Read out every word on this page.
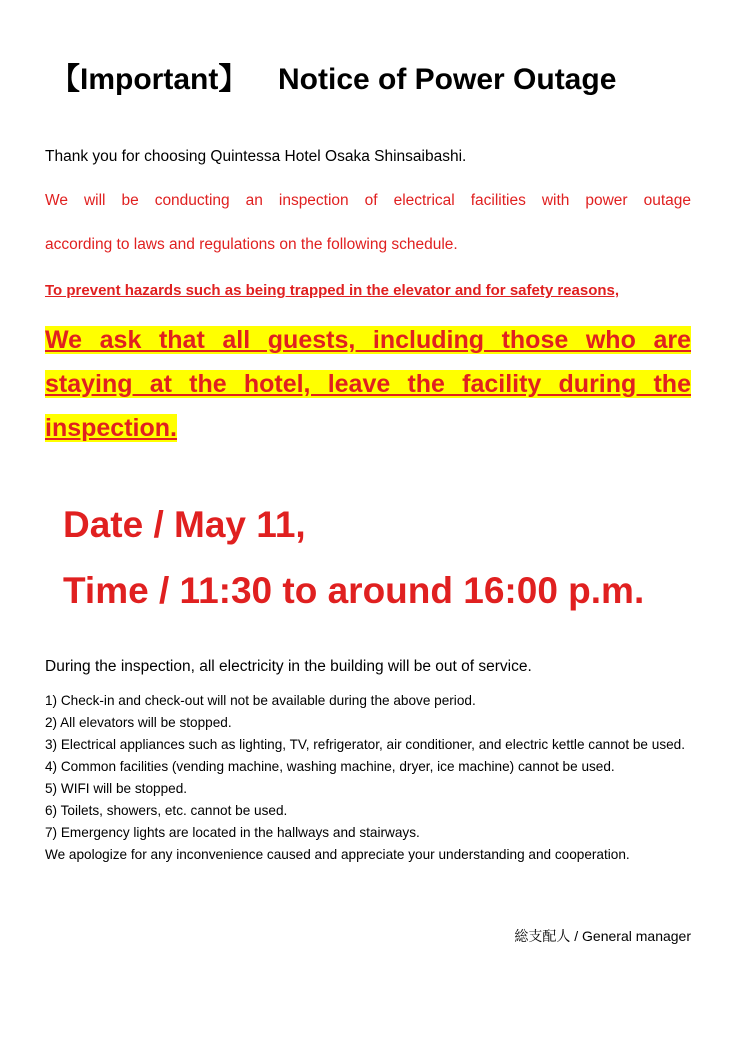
【Important】 Notice of Power Outage
Thank you for choosing Quintessa Hotel Osaka Shinsaibashi.
We will be conducting an inspection of electrical facilities with power outage
according to laws and regulations on the following schedule.
To prevent hazards such as being trapped in the elevator and for safety reasons,
We ask that all guests, including those who are staying at the hotel, leave the facility during the inspection.
Date / May 11,
Time / 11:30 to around 16:00 p.m.
During the inspection, all electricity in the building will be out of service.

1) Check-in and check-out will not be available during the above period.

2) All elevators will be stopped.

3) Electrical appliances such as lighting, TV, refrigerator, air conditioner, and electric kettle cannot be used.

4) Common facilities (vending machine, washing machine, dryer, ice machine) cannot be used.

5) WIFI will be stopped.

6) Toilets, showers, etc. cannot be used.

7) Emergency lights are located in the hallways and stairways.

We apologize for any inconvenience caused and appreciate your understanding and cooperation.

総支配人 / General manager
